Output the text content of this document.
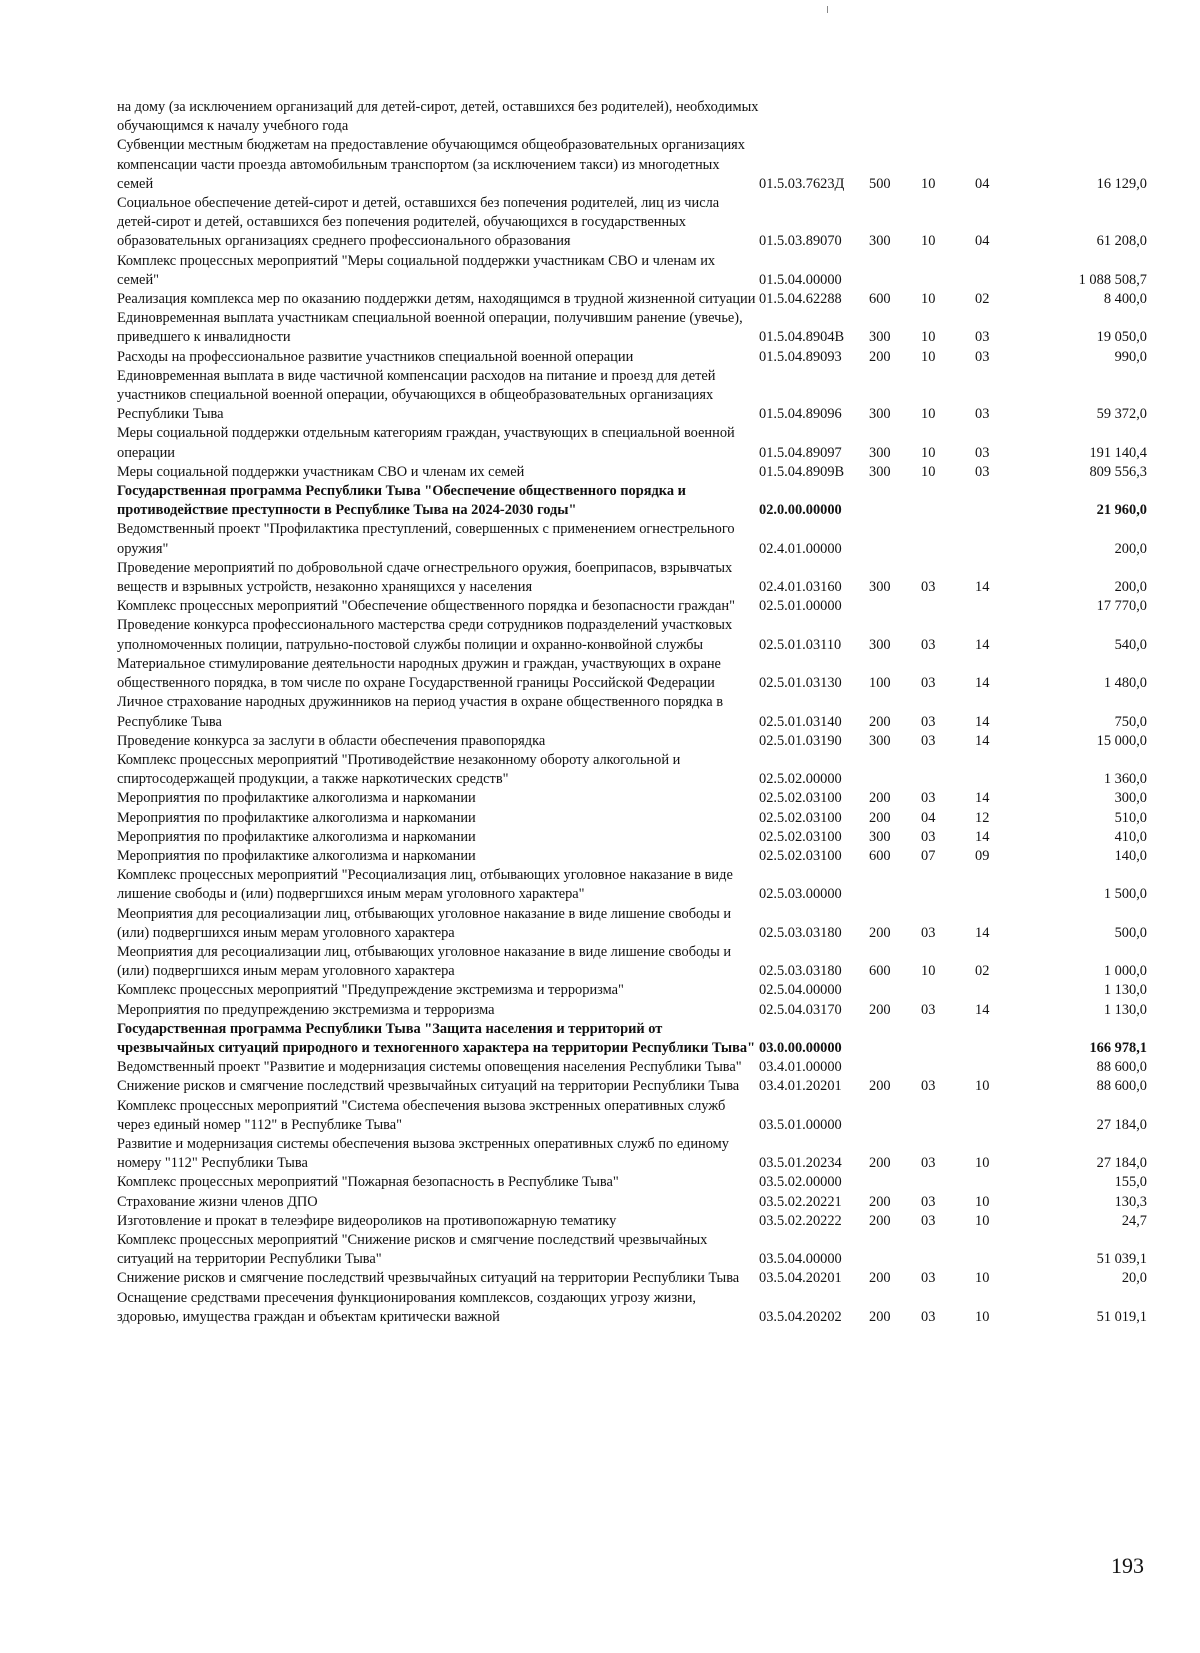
на дому (за исключением организаций для детей-сирот, детей, оставшихся без родителей), необходимых обучающимся к началу учебного года					
Субвенции местным бюджетам на предоставление обучающимся общеобразовательных организациях компенсации части проезда автомобильным транспортом (за исключением такси) из многодетных семей	01.5.03.7623Д	500	10	04	16 129,0
Социальное обеспечение детей-сирот и детей, оставшихся без попечения родителей, лиц из числа детей-сирот и детей, оставшихся без попечения родителей, обучающихся в государственных образовательных организациях среднего профессионального образования	01.5.03.89070	300	10	04	61 208,0
Комплекс процессных мероприятий "Меры социальной поддержки участникам СВО и членам их семей"	01.5.04.00000				1 088 508,7
Реализация комплекса мер по оказанию поддержки детям, находящимся в трудной жизненной ситуации	01.5.04.62288	600	10	02	8 400,0
Единовременная выплата участникам специальной военной операции, получившим ранение (увечье), приведшего к инвалидности	01.5.04.8904В	300	10	03	19 050,0
Расходы на профессиональное развитие участников специальной военной операции	01.5.04.89093	200	10	03	990,0
Единовременная выплата в виде частичной компенсации расходов на питание и проезд для детей участников специальной военной операции, обучающихся в общеобразовательных организациях Республики Тыва	01.5.04.89096	300	10	03	59 372,0
Меры социальной поддержки отдельным категориям граждан, участвующих в специальной военной операции	01.5.04.89097	300	10	03	191 140,4
Меры социальной поддержки участникам СВО и членам их семей	01.5.04.8909В	300	10	03	809 556,3
Государственная программа Республики Тыва "Обеспечение общественного порядка и противодействие преступности в Республике Тыва на 2024-2030 годы"	02.0.00.00000				21 960,0
Ведомственный проект "Профилактика преступлений, совершенных с применением огнестрельного оружия"	02.4.01.00000				200,0
Проведение мероприятий по добровольной сдаче огнестрельного оружия, боеприпасов, взрывчатых веществ и взрывных устройств, незаконно хранящихся у населения	02.4.01.03160	300	03	14	200,0
Комплекс процессных мероприятий "Обеспечение общественного порядка и безопасности граждан"	02.5.01.00000				17 770,0
Проведение конкурса профессионального мастерства среди сотрудников подразделений участковых уполномоченных полиции, патрульно-постовой службы полиции и охранно-конвойной службы	02.5.01.03110	300	03	14	540,0
Материальное стимулирование деятельности народных дружин и граждан, участвующих в охране общественного порядка, в том числе по охране Государственной границы Российской Федерации	02.5.01.03130	100	03	14	1 480,0
Личное страхование народных дружинников на период участия в охране общественного порядка в Республике Тыва	02.5.01.03140	200	03	14	750,0
Проведение конкурса за заслуги в области обеспечения правопорядка	02.5.01.03190	300	03	14	15 000,0
Комплекс процессных мероприятий "Противодействие незаконному обороту алкогольной и спиртосодержащей продукции, а также наркотических средств"	02.5.02.00000				1 360,0
Мероприятия по профилактике алкоголизма и наркомании	02.5.02.03100	200	03	14	300,0
Мероприятия по профилактике алкоголизма и наркомании	02.5.02.03100	200	04	12	510,0
Мероприятия по профилактике алкоголизма и наркомании	02.5.02.03100	300	03	14	410,0
Мероприятия по профилактике алкоголизма и наркомании	02.5.02.03100	600	07	09	140,0
Комплекс процессных мероприятий "Ресоциализация лиц, отбывающих уголовное наказание в виде лишение свободы и (или) подвергшихся иным мерам уголовного характера"	02.5.03.00000				1 500,0
Меоприятия для ресоциализации лиц, отбывающих уголовное наказание в виде лишение свободы и (или) подвергшихся иным мерам уголовного характера	02.5.03.03180	200	03	14	500,0
Меоприятия для ресоциализации лиц, отбывающих уголовное наказание в виде лишение свободы и (или) подвергшихся иным мерам уголовного характера	02.5.03.03180	600	10	02	1 000,0
Комплекс процессных мероприятий "Предупреждение экстремизма и терроризма"	02.5.04.00000				1 130,0
Мероприятия по предупреждению экстремизма и терроризма	02.5.04.03170	200	03	14	1 130,0
Государственная программа Республики Тыва "Защита населения и территорий от чрезвычайных ситуаций природного и техногенного характера на территории Республики Тыва"	03.0.00.00000				166 978,1
Ведомственный проект "Развитие и модернизация системы оповещения населения Республики Тыва"	03.4.01.00000				88 600,0
Снижение рисков и смягчение последствий чрезвычайных ситуаций на территории Республики Тыва	03.4.01.20201	200	03	10	88 600,0
Комплекс процессных мероприятий "Система обеспечения вызова экстренных оперативных служб через единый номер "112" в Республике Тыва"	03.5.01.00000				27 184,0
Развитие и модернизация системы обеспечения вызова экстренных оперативных служб по единому номеру "112" Республики Тыва	03.5.01.20234	200	03	10	27 184,0
Комплекс процессных мероприятий "Пожарная безопасность в Республике Тыва"	03.5.02.00000				155,0
Страхование жизни членов ДПО	03.5.02.20221	200	03	10	130,3
Изготовление и прокат в телеэфире видеороликов на противопожарную тематику	03.5.02.20222	200	03	10	24,7
Комплекс процессных мероприятий "Снижение рисков и смягчение последствий чрезвычайных ситуаций на территории Республики Тыва"	03.5.04.00000				51 039,1
Снижение рисков и смягчение последствий чрезвычайных ситуаций на территории Республики Тыва	03.5.04.20201	200	03	10	20,0
Оснащение средствами пресечения функционирования комплексов, создающих угрозу жизни, здоровью, имущества граждан и объектам критически важной	03.5.04.20202	200	03	10	51 019,1
193
